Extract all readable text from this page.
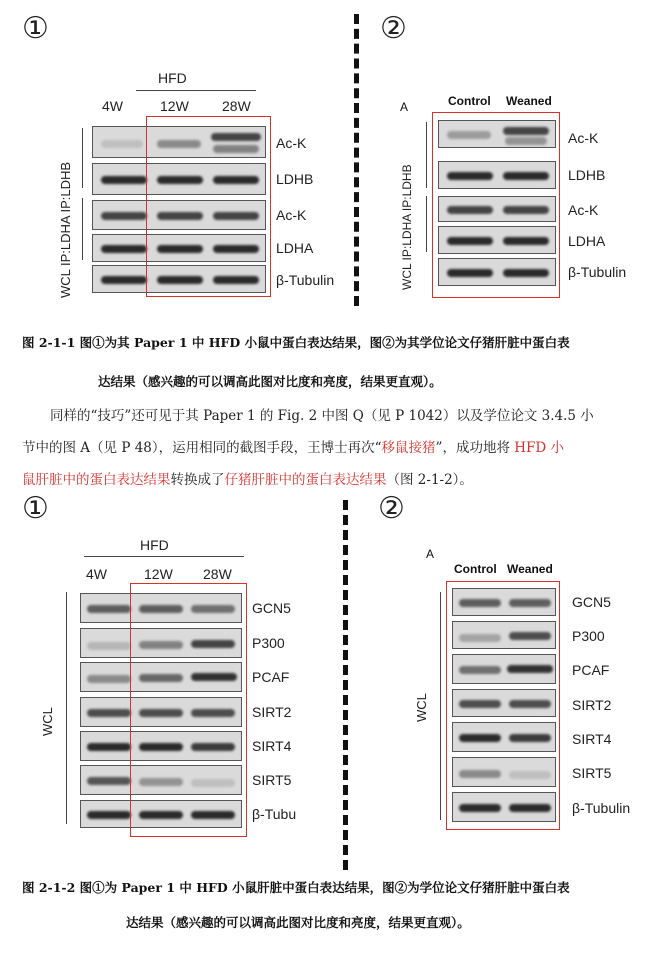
①	②
HFD
4W	12W 28W
WCL IP:LDHA IP:LDHB
Ac-K
LDHB
Ac-K
LDHA
β-Tubulin
A	Control Weaned
WCL IP:LDHA IP:LDHB
Ac-K
LDHB
Ac-K
LDHA
β-Tubulin
图 2-1-1 图①为其 Paper 1 中 HFD 小鼠中蛋白表达结果，图②为其学位论文仔猪肝脏中蛋白表
达结果（感兴趣的可以调高此图对比度和亮度，结果更直观）。
同样的“技巧”还可见于其 Paper 1 的 Fig. 2 中图 Q（见 P 1042）以及学位论文 3.4.5 小
节中的图 A（见 P 48），运用相同的截图手段，王博士再次“移鼠接猪”，成功地将 HFD 小
鼠肝脏中的蛋白表达结果转换成了仔猪肝脏中的蛋白表达结果（图 2-1-2）。
①	②
HFD
4W	12W 28W
WCL
GCN5
P300
PCAF
SIRT2
SIRT4
SIRT5
β-Tubu
A
Control Weaned
WCL
GCN5
P300
PCAF
SIRT2
SIRT4
SIRT5
β-Tubulin
图 2-1-2 图①为 Paper 1 中 HFD 小鼠肝脏中蛋白表达结果，图②为学位论文仔猪肝脏中蛋白表
达结果（感兴趣的可以调高此图对比度和亮度，结果更直观）。
